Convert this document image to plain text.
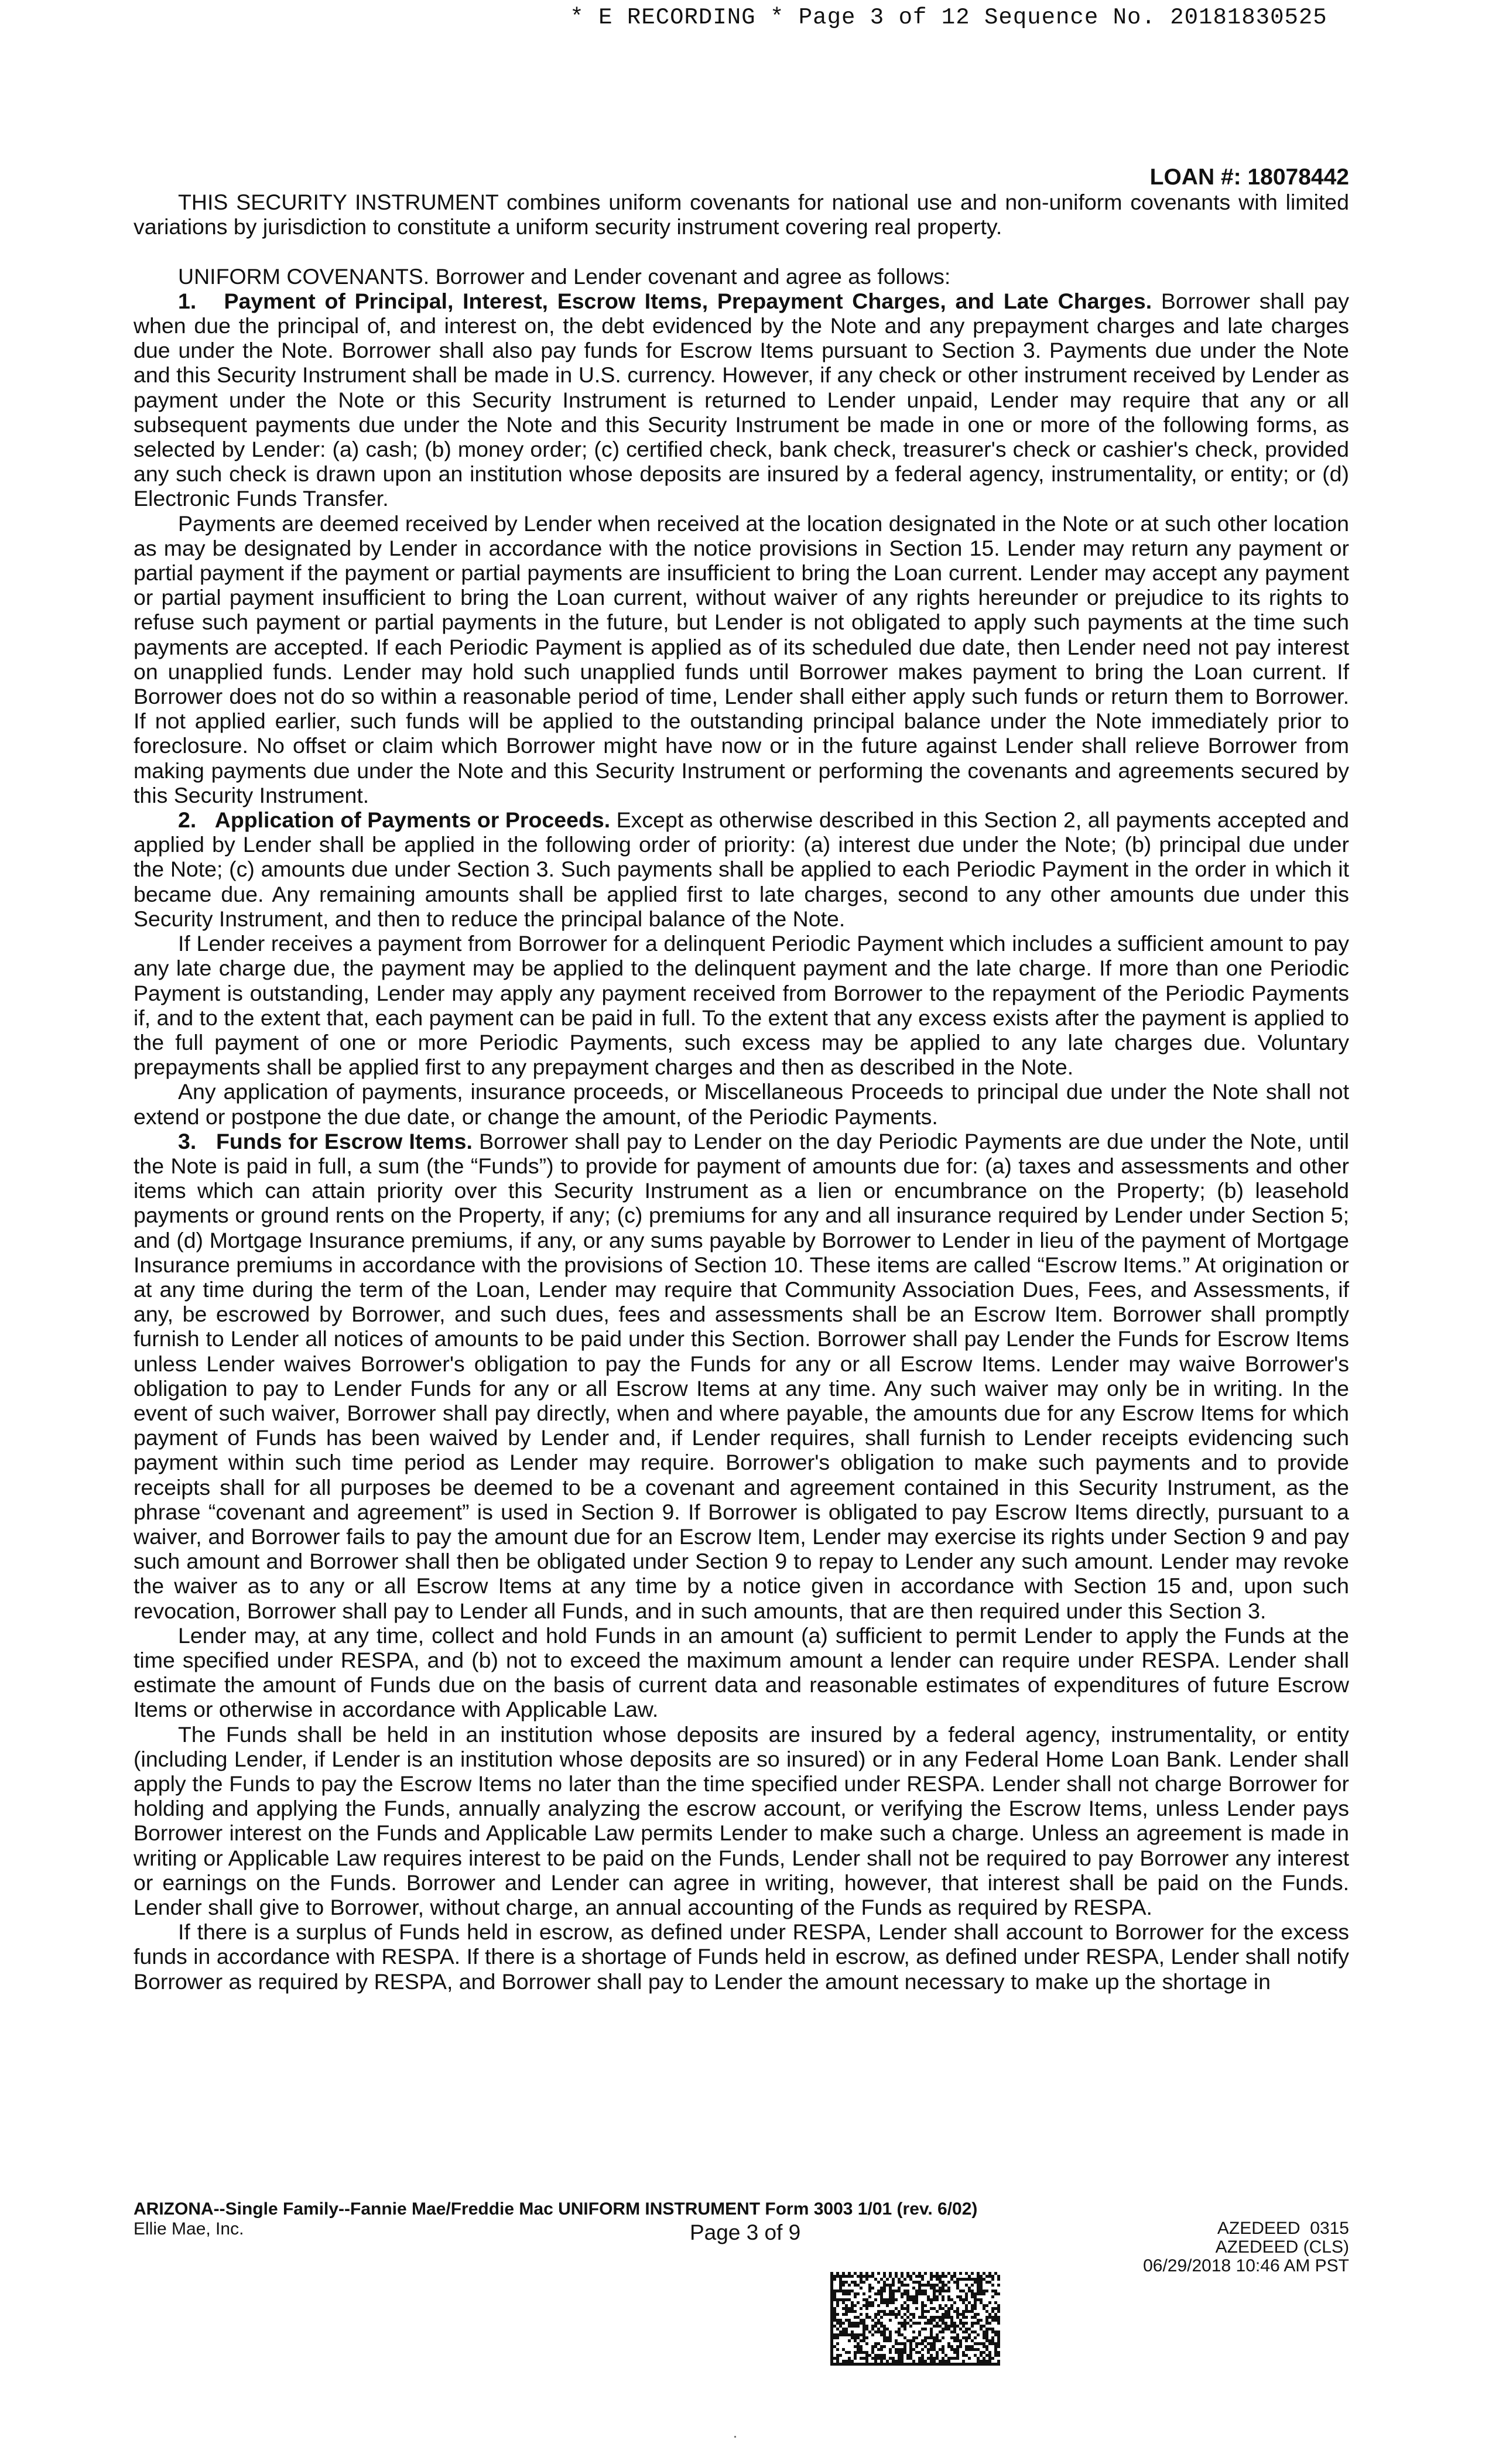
* E RECORDING * Page 3 of 12 Sequence No. 20181830525
LOAN #: 18078442

THIS SECURITY INSTRUMENT combines uniform covenants for national use and non-uniform covenants with limited variations by jurisdiction to constitute a uniform security instrument covering real property.

UNIFORM COVENANTS. Borrower and Lender covenant and agree as follows:

1. Payment of Principal, Interest, Escrow Items, Prepayment Charges, and Late Charges. Borrower shall pay when due the principal of, and interest on, the debt evidenced by the Note and any prepayment charges and late charges due under the Note. Borrower shall also pay funds for Escrow Items pursuant to Section 3. Payments due under the Note and this Security Instrument shall be made in U.S. currency. However, if any check or other instrument received by Lender as payment under the Note or this Security Instrument is returned to Lender unpaid, Lender may require that any or all subsequent payments due under the Note and this Security Instrument be made in one or more of the following forms, as selected by Lender: (a) cash; (b) money order; (c) certified check, bank check, treasurer's check or cashier's check, provided any such check is drawn upon an institution whose deposits are insured by a federal agency, instrumentality, or entity; or (d) Electronic Funds Transfer.

Payments are deemed received by Lender when received at the location designated in the Note or at such other location as may be designated by Lender in accordance with the notice provisions in Section 15. Lender may return any payment or partial payment if the payment or partial payments are insufficient to bring the Loan current. Lender may accept any payment or partial payment insufficient to bring the Loan current, without waiver of any rights hereunder or prejudice to its rights to refuse such payment or partial payments in the future, but Lender is not obligated to apply such payments at the time such payments are accepted. If each Periodic Payment is applied as of its scheduled due date, then Lender need not pay interest on unapplied funds. Lender may hold such unapplied funds until Borrower makes payment to bring the Loan current. If Borrower does not do so within a reasonable period of time, Lender shall either apply such funds or return them to Borrower. If not applied earlier, such funds will be applied to the outstanding principal balance under the Note immediately prior to foreclosure. No offset or claim which Borrower might have now or in the future against Lender shall relieve Borrower from making payments due under the Note and this Security Instrument or performing the covenants and agreements secured by this Security Instrument.

2. Application of Payments or Proceeds. Except as otherwise described in this Section 2, all payments accepted and applied by Lender shall be applied in the following order of priority: (a) interest due under the Note; (b) principal due under the Note; (c) amounts due under Section 3. Such payments shall be applied to each Periodic Payment in the order in which it became due. Any remaining amounts shall be applied first to late charges, second to any other amounts due under this Security Instrument, and then to reduce the principal balance of the Note.

If Lender receives a payment from Borrower for a delinquent Periodic Payment which includes a sufficient amount to pay any late charge due, the payment may be applied to the delinquent payment and the late charge. If more than one Periodic Payment is outstanding, Lender may apply any payment received from Borrower to the repayment of the Periodic Payments if, and to the extent that, each payment can be paid in full. To the extent that any excess exists after the payment is applied to the full payment of one or more Periodic Payments, such excess may be applied to any late charges due. Voluntary prepayments shall be applied first to any prepayment charges and then as described in the Note.

Any application of payments, insurance proceeds, or Miscellaneous Proceeds to principal due under the Note shall not extend or postpone the due date, or change the amount, of the Periodic Payments.

3. Funds for Escrow Items. Borrower shall pay to Lender on the day Periodic Payments are due under the Note, until the Note is paid in full, a sum (the “Funds”) to provide for payment of amounts due for: (a) taxes and assessments and other items which can attain priority over this Security Instrument as a lien or encumbrance on the Property; (b) leasehold payments or ground rents on the Property, if any; (c) premiums for any and all insurance required by Lender under Section 5; and (d) Mortgage Insurance premiums, if any, or any sums payable by Borrower to Lender in lieu of the payment of Mortgage Insurance premiums in accordance with the provisions of Section 10. These items are called “Escrow Items.” At origination or at any time during the term of the Loan, Lender may require that Community Association Dues, Fees, and Assessments, if any, be escrowed by Borrower, and such dues, fees and assessments shall be an Escrow Item. Borrower shall promptly furnish to Lender all notices of amounts to be paid under this Section. Borrower shall pay Lender the Funds for Escrow Items unless Lender waives Borrower's obligation to pay the Funds for any or all Escrow Items. Lender may waive Borrower's obligation to pay to Lender Funds for any or all Escrow Items at any time. Any such waiver may only be in writing. In the event of such waiver, Borrower shall pay directly, when and where payable, the amounts due for any Escrow Items for which payment of Funds has been waived by Lender and, if Lender requires, shall furnish to Lender receipts evidencing such payment within such time period as Lender may require. Borrower's obligation to make such payments and to provide receipts shall for all purposes be deemed to be a covenant and agreement contained in this Security Instrument, as the phrase “covenant and agreement” is used in Section 9. If Borrower is obligated to pay Escrow Items directly, pursuant to a waiver, and Borrower fails to pay the amount due for an Escrow Item, Lender may exercise its rights under Section 9 and pay such amount and Borrower shall then be obligated under Section 9 to repay to Lender any such amount. Lender may revoke the waiver as to any or all Escrow Items at any time by a notice given in accordance with Section 15 and, upon such revocation, Borrower shall pay to Lender all Funds, and in such amounts, that are then required under this Section 3.

Lender may, at any time, collect and hold Funds in an amount (a) sufficient to permit Lender to apply the Funds at the time specified under RESPA, and (b) not to exceed the maximum amount a lender can require under RESPA. Lender shall estimate the amount of Funds due on the basis of current data and reasonable estimates of expenditures of future Escrow Items or otherwise in accordance with Applicable Law.

The Funds shall be held in an institution whose deposits are insured by a federal agency, instrumentality, or entity (including Lender, if Lender is an institution whose deposits are so insured) or in any Federal Home Loan Bank. Lender shall apply the Funds to pay the Escrow Items no later than the time specified under RESPA. Lender shall not charge Borrower for holding and applying the Funds, annually analyzing the escrow account, or verifying the Escrow Items, unless Lender pays Borrower interest on the Funds and Applicable Law permits Lender to make such a charge. Unless an agreement is made in writing or Applicable Law requires interest to be paid on the Funds, Lender shall not be required to pay Borrower any interest or earnings on the Funds. Borrower and Lender can agree in writing, however, that interest shall be paid on the Funds. Lender shall give to Borrower, without charge, an annual accounting of the Funds as required by RESPA.

If there is a surplus of Funds held in escrow, as defined under RESPA, Lender shall account to Borrower for the excess funds in accordance with RESPA. If there is a shortage of Funds held in escrow, as defined under RESPA, Lender shall notify Borrower as required by RESPA, and Borrower shall pay to Lender the amount necessary to make up the shortage in

ARIZONA--Single Family--Fannie Mae/Freddie Mac UNIFORM INSTRUMENT Form 3003 1/01 (rev. 6/02)
Ellie Mae, Inc.	Page 3 of 9	AZEDEED  0315
AZEDEED (CLS)
06/29/2018 10:46 AM PST
